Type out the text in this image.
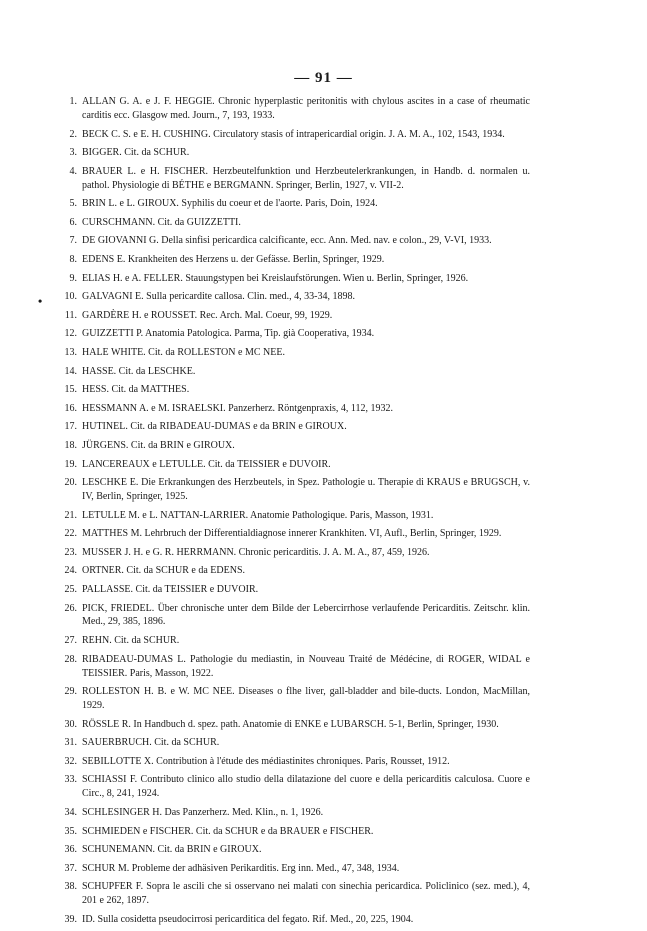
— 91 —
•
1. ALLAN G. A. e J. F. HEGGIE. Chronic hyperplastic peritonitis with chylous ascites in a case of rheumatic carditis ecc. Glasgow med. Journ., 7, 193, 1933.
2. BECK C. S. e E. H. CUSHING. Circulatory stasis of intrapericardial origin. J. A. M. A., 102, 1543, 1934.
3. BIGGER. Cit. da SCHUR.
4. BRAUER L. e H. FISCHER. Herzbeutelfunktion und Herzbeutelerkrankungen, in Handb. d. normalen u. pathol. Physiologie di BÉTHE e BERGMANN. Springer, Berlin, 1927, v. VII-2.
5. BRIN L. e L. GIROUX. Syphilis du coeur et de l'aorte. Paris, Doin, 1924.
6. CURSCHMANN. Cit. da GUIZZETTI.
7. DE GIOVANNI G. Della sinfisi pericardica calcificante, ecc. Ann. Med. nav. e colon., 29, V-VI, 1933.
8. EDENS E. Krankheiten des Herzens u. der Gefässe. Berlin, Springer, 1929.
9. ELIAS H. e A. FELLER. Stauungstypen bei Kreislaufstörungen. Wien u. Berlin, Springer, 1926.
10. GALVAGNI E. Sulla pericardite callosa. Clin. med., 4, 33-34, 1898.
11. GARDÈRE H. e ROUSSET. Rec. Arch. Mal. Coeur, 99, 1929.
12. GUIZZETTI P. Anatomia Patologica. Parma, Tip. già Cooperativa, 1934.
13. HALE WHITE. Cit. da ROLLESTON e MC NEE.
14. HASSE. Cit. da LESCHKE.
15. HESS. Cit. da MATTHES.
16. HESSMANN A. e M. ISRAELSKI. Panzerherz. Röntgenpraxis, 4, 112, 1932.
17. HUTINEL. Cit. da RIBADEAU-DUMAS e da BRIN e GIROUX.
18. JÜRGENS. Cit. da BRIN e GIROUX.
19. LANCEREAUX e LETULLE. Cit. da TEISSIER e DUVOIR.
20. LESCHKE E. Die Erkrankungen des Herzbeutels, in Spez. Pathologie u. Therapie di KRAUS e BRUGSCH, v. IV, Berlin, Springer, 1925.
21. LETULLE M. e L. NATTAN-LARRIER. Anatomie Pathologique. Paris, Masson, 1931.
22. MATTHES M. Lehrbruch der Differentialdiagnose innerer Krankhiten. VI, Aufl., Berlin, Springer, 1929.
23. MUSSER J. H. e G. R. HERRMANN. Chronic pericarditis. J. A. M. A., 87, 459, 1926.
24. ORTNER. Cit. da SCHUR e da EDENS.
25. PALLASSE. Cit. da TEISSIER e DUVOIR.
26. PICK, FRIEDEL. Über chronische unter dem Bilde der Lebercirrhose verlaufende Pericarditis. Zeitschr. klin. Med., 29, 385, 1896.
27. REHN. Cit. da SCHUR.
28. RIBADEAU-DUMAS L. Pathologie du mediastin, in Nouveau Traité de Médécine, di ROGER, WIDAL e TEISSIER. Paris, Masson, 1922.
29. ROLLESTON H. B. e W. MC NEE. Diseases o flhe liver, gall-bladder and bile-ducts. London, MacMillan, 1929.
30. RÖSSLE R. In Handbuch d. spez. path. Anatomie di ENKE e LUBARSCH. 5-1, Berlin, Springer, 1930.
31. SAUERBRUCH. Cit. da SCHUR.
32. SEBILLOTTE X. Contribution à l'étude des médiastinites chroniques. Paris, Rousset, 1912.
33. SCHIASSI F. Contributo clinico allo studio della dilatazione del cuore e della pericarditis calculosa. Cuore e Circ., 8, 241, 1924.
34. SCHLESINGER H. Das Panzerherz. Med. Klin., n. 1, 1926.
35. SCHMIEDEN e FISCHER. Cit. da SCHUR e da BRAUER e FISCHER.
36. SCHUNEMANN. Cit. da BRIN e GIROUX.
37. SCHUR M. Probleme der adhäsiven Perikarditis. Erg inn. Med., 47, 348, 1934.
38. SCHUPFER F. Sopra le ascili che si osservano nei malati con sinechia pericardica. Policlinico (sez. med.), 4, 201 e 262, 1897.
39. ID. Sulla cosidetta pseudocirrosi pericarditica del fegato. Rif. Med., 20, 225, 1904.
